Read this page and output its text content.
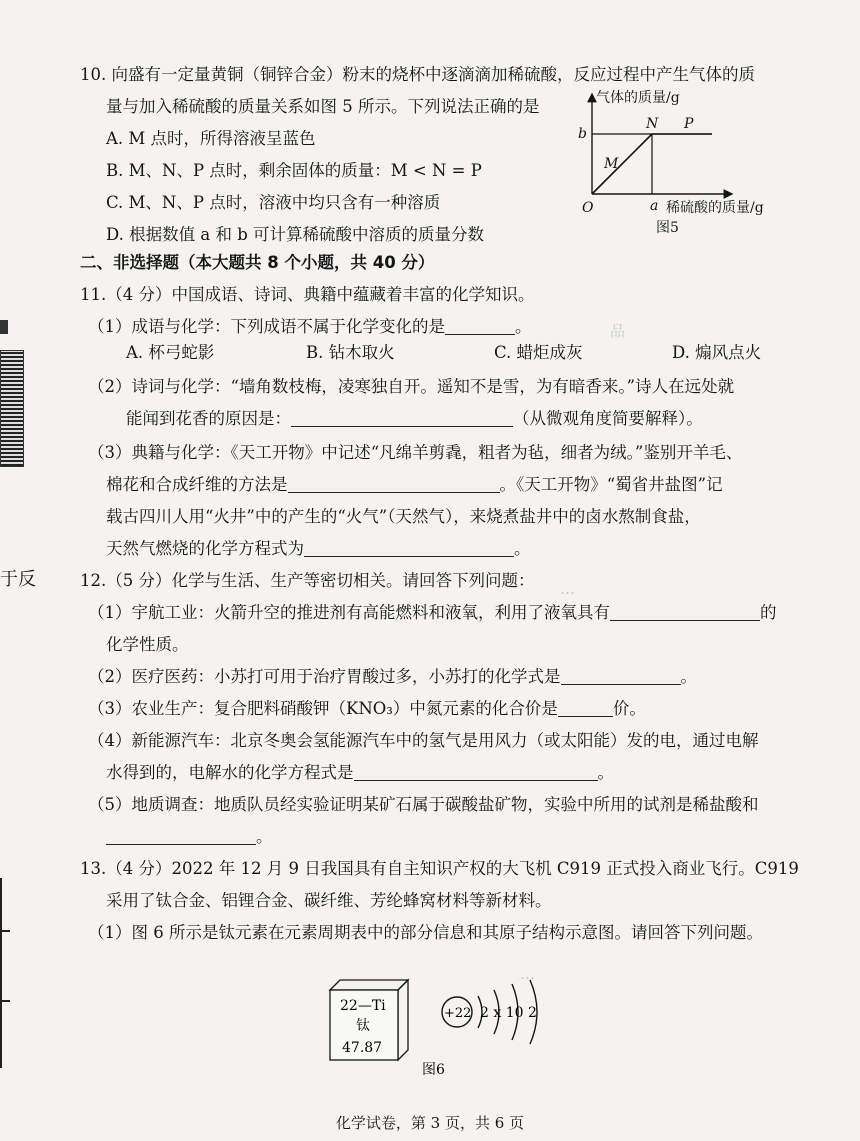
品
…
…
于反
10. 向盛有一定量黄铜（铜锌合金）粉末的烧杯中逐滴滴加稀硫酸，反应过程中产生气体的质
量与加入稀硫酸的质量关系如图 5 所示。下列说法正确的是
A. M 点时，所得溶液呈蓝色
B. M、N、P 点时，剩余固体的质量：M < N = P
C. M、N、P 点时，溶液中均只含有一种溶质
D. 根据数值 a 和 b 可计算稀硫酸中溶质的质量分数
气体的质量/g
b
O	a 稀硫酸的质量/g
M
N P
图5
二、非选择题（本大题共 8 个小题，共 40 分）
11.（4 分）中国成语、诗词、典籍中蕴藏着丰富的化学知识。
（1）成语与化学：下列成语不属于化学变化的是	。
A. 杯弓蛇影	B. 钻木取火	C. 蜡炬成灰	D. 煽风点火
（2）诗词与化学：“墙角数枝梅，凌寒独自开。遥知不是雪，为有暗香来。”诗人在远处就
能闻到花香的原因是：	（从微观角度简要解释）。
（3）典籍与化学：《天工开物》中记述“凡绵羊剪毳，粗者为毡，细者为绒。”鉴别开羊毛、
棉花和合成纤维的方法是	。《天工开物》“蜀省井盐图”记
载古四川人用“火井”中的产生的“火气”（天然气），来烧煮盐井中的卤水熬制食盐，
天然气燃烧的化学方程式为	。
12.（5 分）化学与生活、生产等密切相关。请回答下列问题：
（1）宇航工业：火箭升空的推进剂有高能燃料和液氧，利用了液氧具有	的
化学性质。
（2）医疗医药：小苏打可用于治疗胃酸过多，小苏打的化学式是	。
（3）农业生产：复合肥料硝酸钾（KNO₃）中氮元素的化合价是	价。
（4）新能源汽车：北京冬奥会氢能源汽车中的氢气是用风力（或太阳能）发的电，通过电解
水得到的，电解水的化学方程式是	。
（5）地质调查：地质队员经实验证明某矿石属于碳酸盐矿物，实验中所用的试剂是稀盐酸和
。
13.（4 分）2022 年 12 月 9 日我国具有自主知识产权的大飞机 C919 正式投入商业飞行。C919
采用了钛合金、铝锂合金、碳纤维、芳纶蜂窝材料等新材料。
（1）图 6 所示是钛元素在元素周期表中的部分信息和其原子结构示意图。请回答下列问题。
22—Ti
钛
47.87
+22 2 x 10 2
图6
化学试卷，第 3 页，共 6 页
